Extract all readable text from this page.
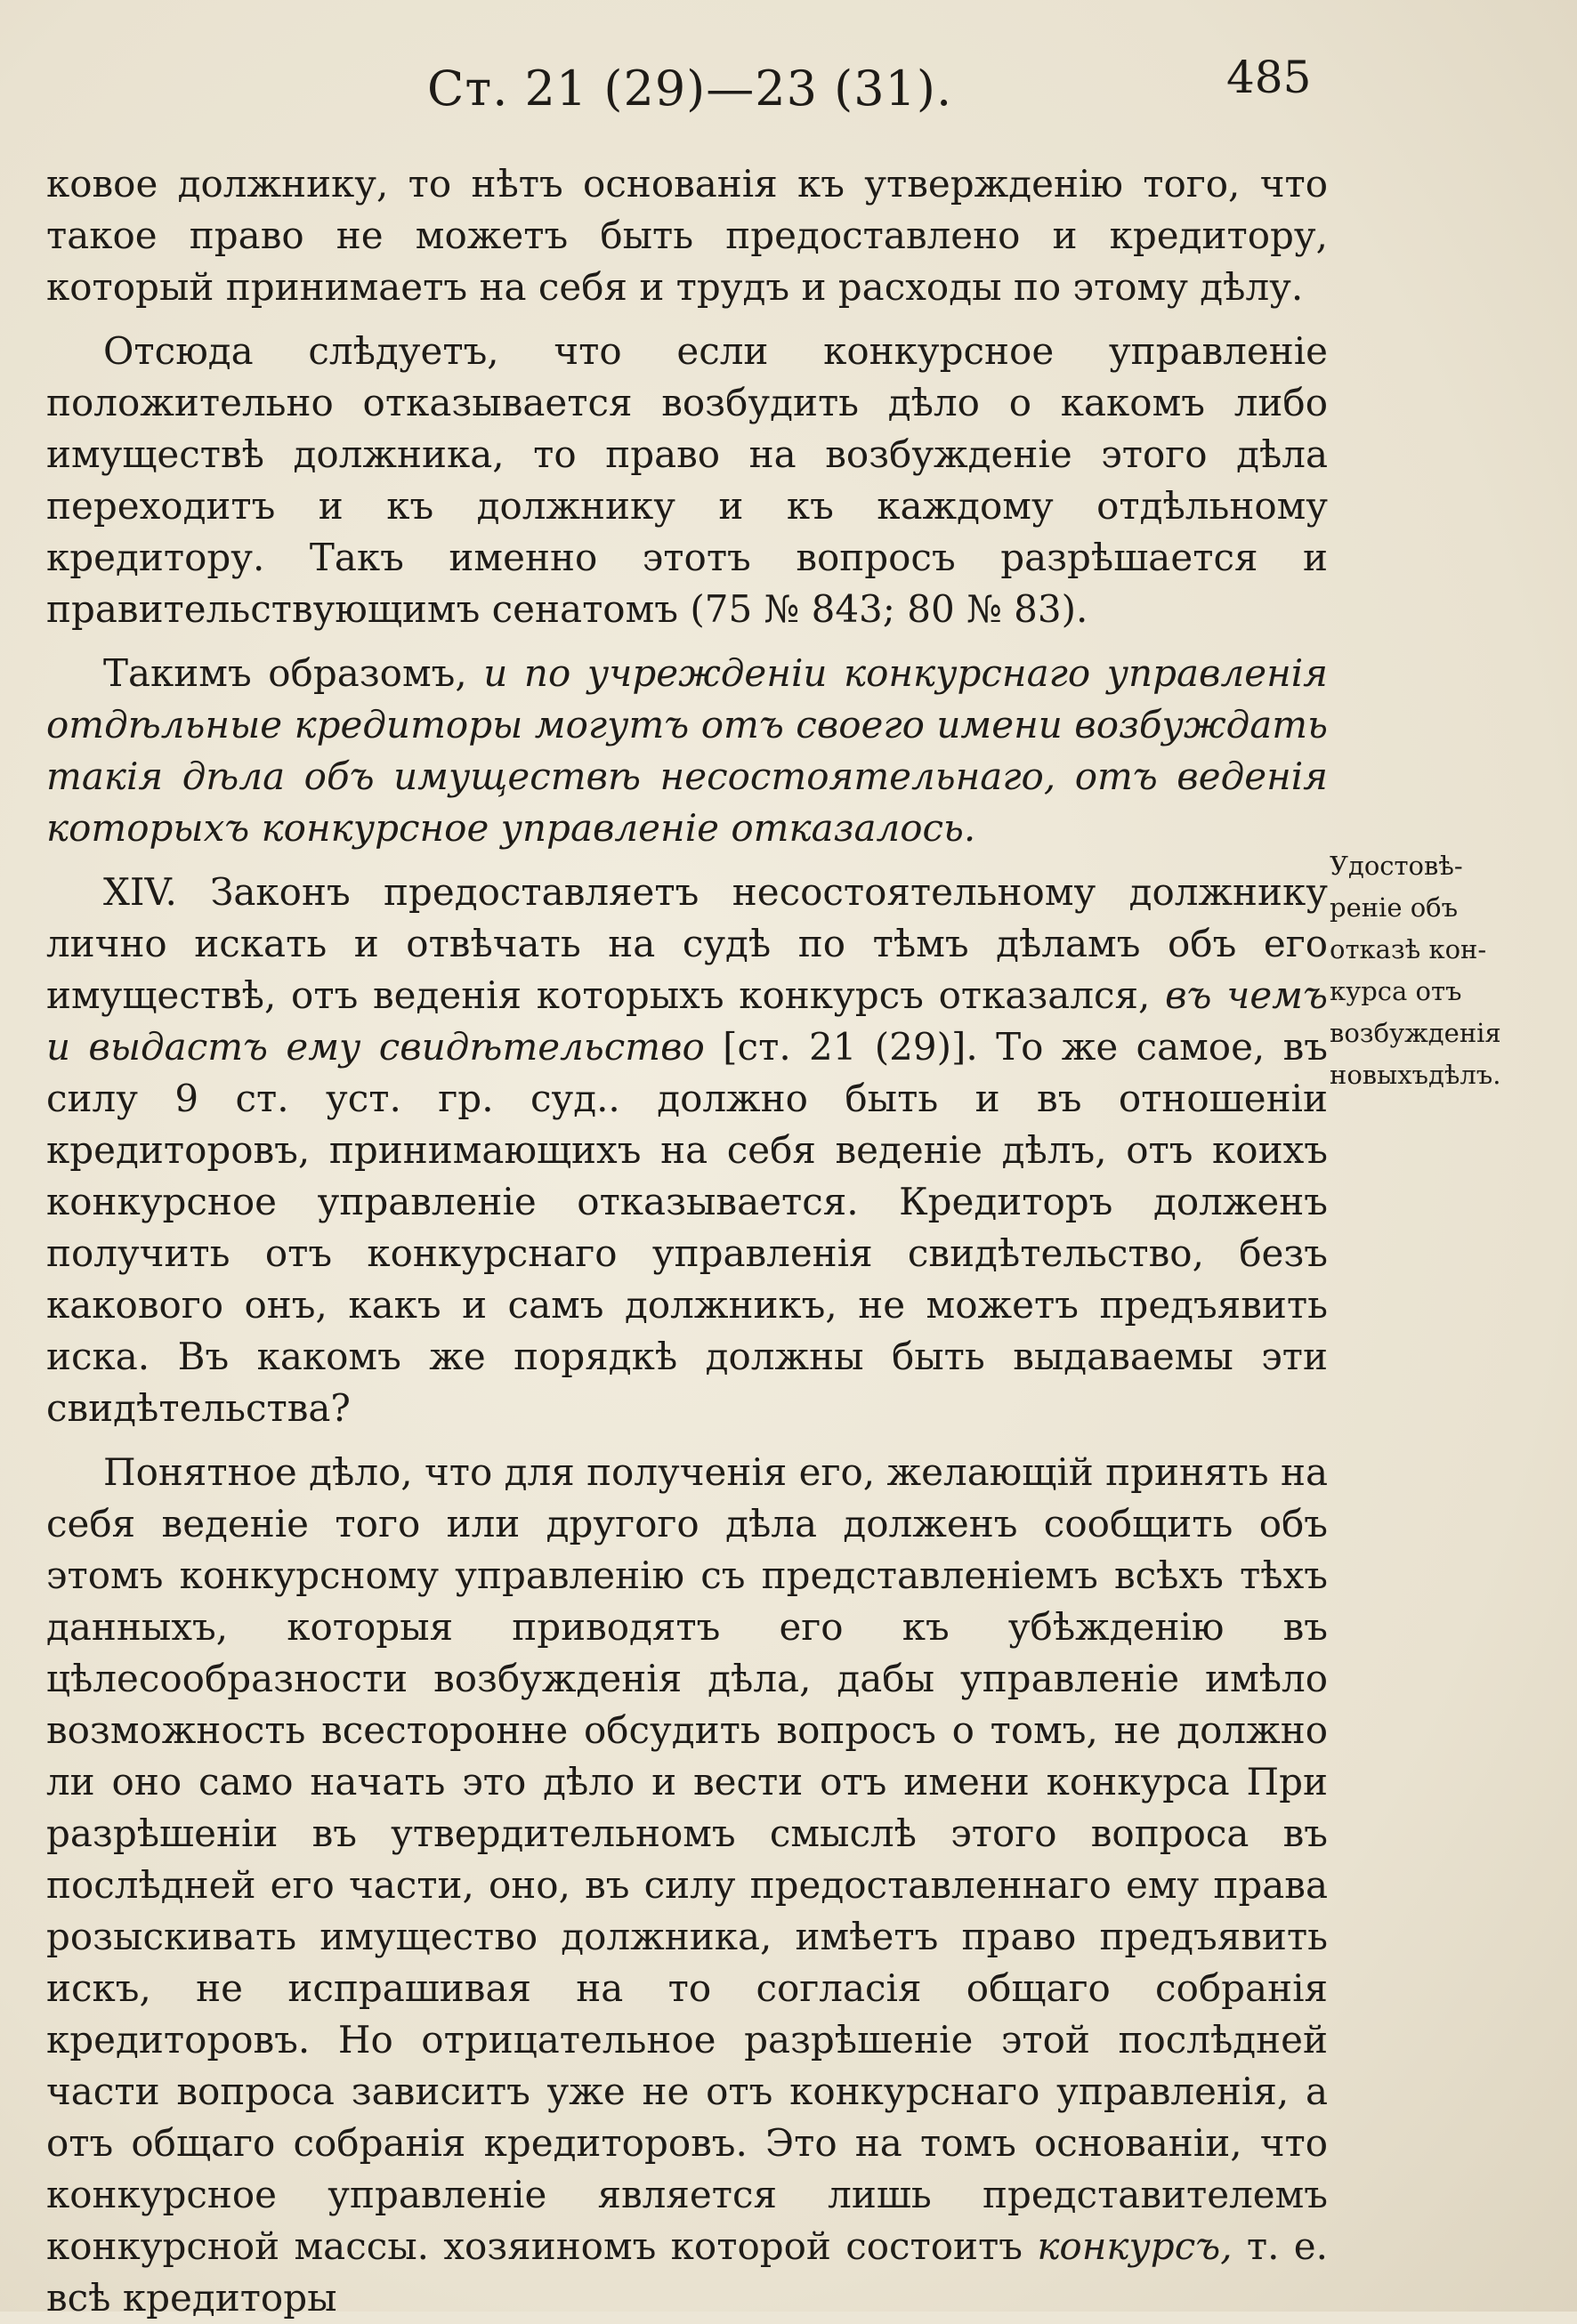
Ст. 21 (29)—23 (31).	485

ковое должнику, то нѣтъ основанія къ утвержденію того, что такое право не можетъ быть предоставлено и кредитору, который принимаетъ на себя и трудъ и расходы по этому дѣлу.

Отсюда слѣдуетъ, что если конкурсное управленіе положительно отказывается возбудить дѣло о какомъ либо имуществѣ должника, то право на возбужденіе этого дѣла переходитъ и къ должнику и къ каждому отдѣльному кредитору. Такъ именно этотъ вопросъ разрѣшается и правительствующимъ сенатомъ (75 № 843; 80 № 83).

Такимъ образомъ, и по учрежденіи конкурснаго управленія отдѣльные кредиторы могутъ отъ своего имени возбуждать такія дѣла объ имуществѣ несостоятельнаго, отъ веденія которыхъ конкурсное управленіе отказалось.

XIV. Законъ предоставляетъ несостоятельному должнику лично искать и отвѣчать на судѣ по тѣмъ дѣламъ объ его имуществѣ, отъ веденія которыхъ конкурсъ отказался, въ чемъ и выдастъ ему свидѣтельство [ст. 21 (29)]. То же самое, въ силу 9 ст. уст. гр. суд.. должно быть и въ отношеніи кредиторовъ, принимающихъ на себя веденіе дѣлъ, отъ коихъ конкурсное управленіе отказывается. Кредиторъ долженъ получить отъ конкурснаго управленія свидѣтельство, безъ какового онъ, какъ и самъ должникъ, не можетъ предъявить иска. Въ какомъ же порядкѣ должны быть выдаваемы эти свидѣтельства?

Понятное дѣло, что для полученія его, желающій принять на себя веденіе того или другого дѣла долженъ сообщить объ этомъ конкурсному управленію съ представленіемъ всѣхъ тѣхъ данныхъ, которыя приводятъ его къ убѣжденію въ цѣлесообразности возбужденія дѣла, дабы управленіе имѣло возможность всесторонне обсудить вопросъ о томъ, не должно ли оно само начать это дѣло и вести отъ имени конкурса При разрѣшеніи въ утвердительномъ смыслѣ этого вопроса въ послѣдней его части, оно, въ силу предоставленнаго ему права розыскивать имущество должника, имѣетъ право предъявить искъ, не испрашивая на то согласія общаго собранія кредиторовъ. Но отрицательное разрѣшеніе этой послѣдней части вопроса зависитъ уже не отъ конкурснаго управленія, а отъ общаго собранія кредиторовъ. Это на томъ основаніи, что конкурсное управленіе является лишь представителемъ конкурсной массы. хозяиномъ которой состоитъ конкурсъ, т. е. всѣ кредиторы

Удостовѣ-
реніе объ
отказѣ кон-
курса отъ
возбужденія
новыхъдѣлъ.
